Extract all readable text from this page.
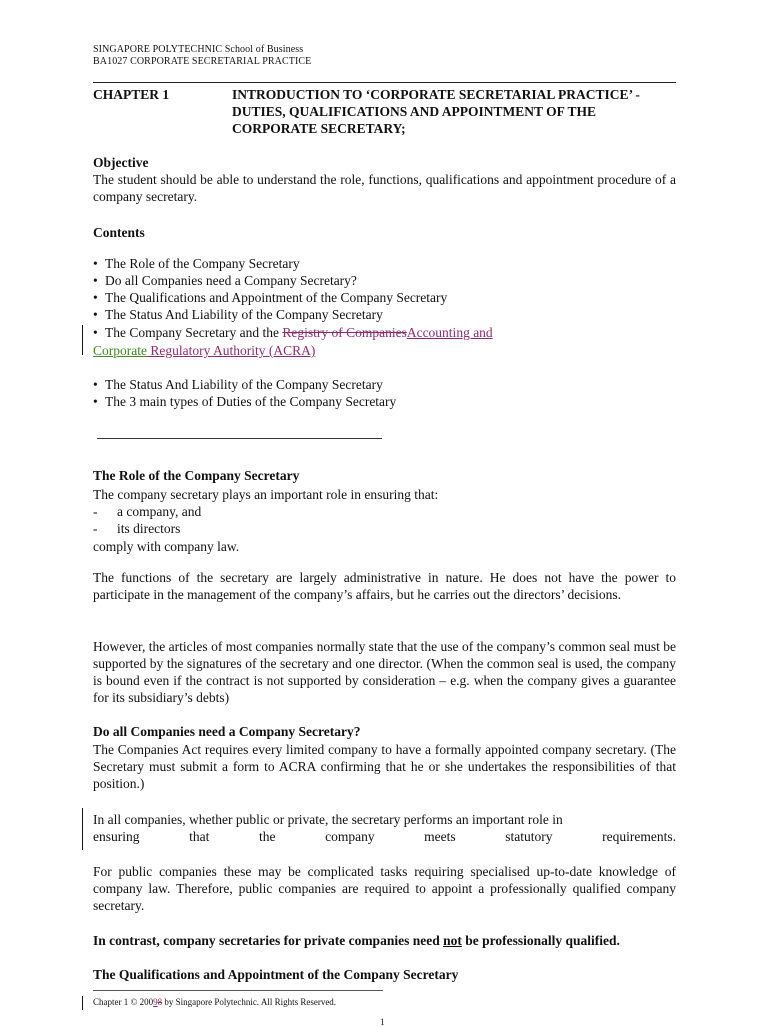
SINGAPORE POLYTECHNIC School of Business
BA1027 CORPORATE SECRETARIAL PRACTICE
CHAPTER 1	INTRODUCTION TO ‘CORPORATE SECRETARIAL PRACTICE’ - DUTIES, QUALIFICATIONS AND APPOINTMENT OF THE CORPORATE SECRETARY;
Objective
The student should be able to understand the role, functions, qualifications and appointment procedure of a company secretary.
Contents
• The Role of the Company Secretary
• Do all Companies need a Company Secretary?
• The Qualifications and Appointment of the Company Secretary
• The Status And Liability of the Company Secretary
• The Company Secretary and the Registry of CompaniesAccounting and
Corporate Regulatory Authority (ACRA)
• The Status And Liability of the Company Secretary
• The 3 main types of Duties of the Company Secretary
The Role of the Company Secretary
The company secretary plays an important role in ensuring that:
- a company, and
- its directors
comply with company law.
The functions of the secretary are largely administrative in nature. He does not have the power to participate in the management of the company’s affairs, but he carries out the directors’ decisions.
However, the articles of most companies normally state that the use of the company’s common seal must be supported by the signatures of the secretary and one director. (When the common seal is used, the company is bound even if the contract is not supported by consideration – e.g. when the company gives a guarantee for its subsidiary’s debts)
Do all Companies need a Company Secretary?
The Companies Act requires every limited company to have a formally appointed company secretary. (The Secretary must submit a form to ACRA confirming that he or she undertakes the responsibilities of that position.)
In all companies, whether public or private, the secretary performs an important role in
ensuring that the company meets statutory requirements.
For public companies these may be complicated tasks requiring specialised up-to-date knowledge of company law. Therefore, public companies are required to appoint a professionally qualified company secretary.
In contrast, company secretaries for private companies need not be professionally qualified.
The Qualifications and Appointment of the Company Secretary
Chapter 1 © 20098 by Singapore Polytechnic. All Rights Reserved.
1
